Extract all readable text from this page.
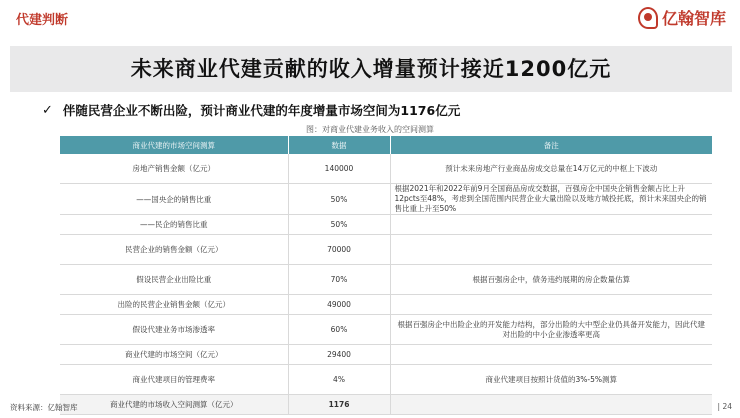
代建判断	亿翰智库
未来商业代建贡献的收入增量预计接近1200亿元
✓ 伴随民营企业不断出险，预计商业代建的年度增量市场空间为1176亿元
图：对商业代建业务收入的空间测算
商业代建的市场空间测算	数据	备注
房地产销售金额（亿元）	140000	预计未来房地产行业商品房成交总量在14万亿元的中枢上下波动
——国央企的销售比重	50%	根据2021年和2022年前9月全国商品房成交数据，百强房企中国央企销售金额占比上升12pcts至48%，考虑到全国范围内民营企业大量出险以及地方城投托底，预计未来国央企的销售比重上升至50%
——民企的销售比重	50%	
民营企业的销售金额（亿元）	70000	
假设民营企业出险比重	70%	根据百强房企中，债务违约展期的房企数量估算
出险的民营企业销售金额（亿元）	49000	
假设代建业务市场渗透率	60%	根据百强房企中出险企业的开发能力结构，部分出险的大中型企业仍具备开发能力，因此代建对出险的中小企业渗透率更高
商业代建的市场空间（亿元）	29400	
商业代建项目的管理费率	4%	商业代建项目按照计货值的3%-5%测算
商业代建的市场收入空间测算（亿元）	1176	
资料来源：亿翰智库	| 24
